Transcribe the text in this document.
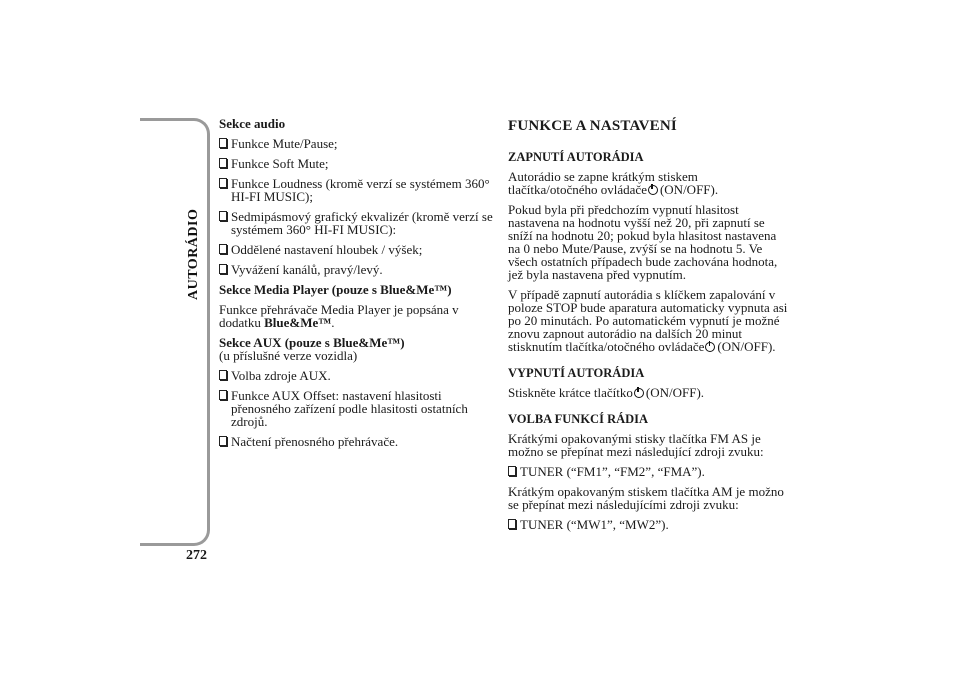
AUTORÁDIO
272

Sekce audio

Funkce Mute/Pause;
Funkce Soft Mute;
Funkce Loudness (kromě verzí se systémem 360° HI-FI MUSIC);
Sedmipásmový grafický ekvalizér (kromě verzí se systémem 360° HI-FI MUSIC):
Oddělené nastavení hloubek / výšek;
Vyvážení kanálů, pravý/levý.

Sekce Media Player (pouze s Blue&Me™)

Funkce přehrávače Media Player je popsána v dodatku Blue&Me™.

Sekce AUX (pouze s Blue&Me™)

(u příslušné verze vozidla)

Volba zdroje AUX.
Funkce AUX Offset: nastavení hlasitosti přenosného zařízení podle hlasitosti ostatních zdrojů.
Načtení přenosného přehrávače.
FUNKCE A NASTAVENÍ
ZAPNUTÍ AUTORÁDIA

Autorádio se zapne krátkým stiskem tlačítka/otočného ovládače (ON/OFF).

Pokud byla při předchozím vypnutí hlasitost nastavena na hodnotu vyšší než 20, při zapnutí se sníží na hodnotu 20; pokud byla hlasitost nastavena na 0 nebo Mute/Pause, zvýší se na hodnotu 5. Ve všech ostatních případech bude zachována hodnota, jež byla nastavena před vypnutím.

V případě zapnutí autorádia s klíčkem zapalování v poloze STOP bude aparatura automaticky vypnuta asi po 20 minutách. Po automatickém vypnutí je možné znovu zapnout autorádio na dalších 20 minut stisknutím tlačítka/otočného ovládače (ON/OFF).

VYPNUTÍ AUTORÁDIA

Stiskněte krátce tlačítko (ON/OFF).

VOLBA FUNKCÍ RÁDIA

Krátkými opakovanými stisky tlačítka FM AS je možno se přepínat mezi následující zdroji zvuku:

TUNER (“FM1”, “FM2”, “FMA”).

Krátkým opakovaným stiskem tlačítka AM je možno se přepínat mezi následujícími zdroji zvuku:

TUNER (“MW1”, “MW2”).
